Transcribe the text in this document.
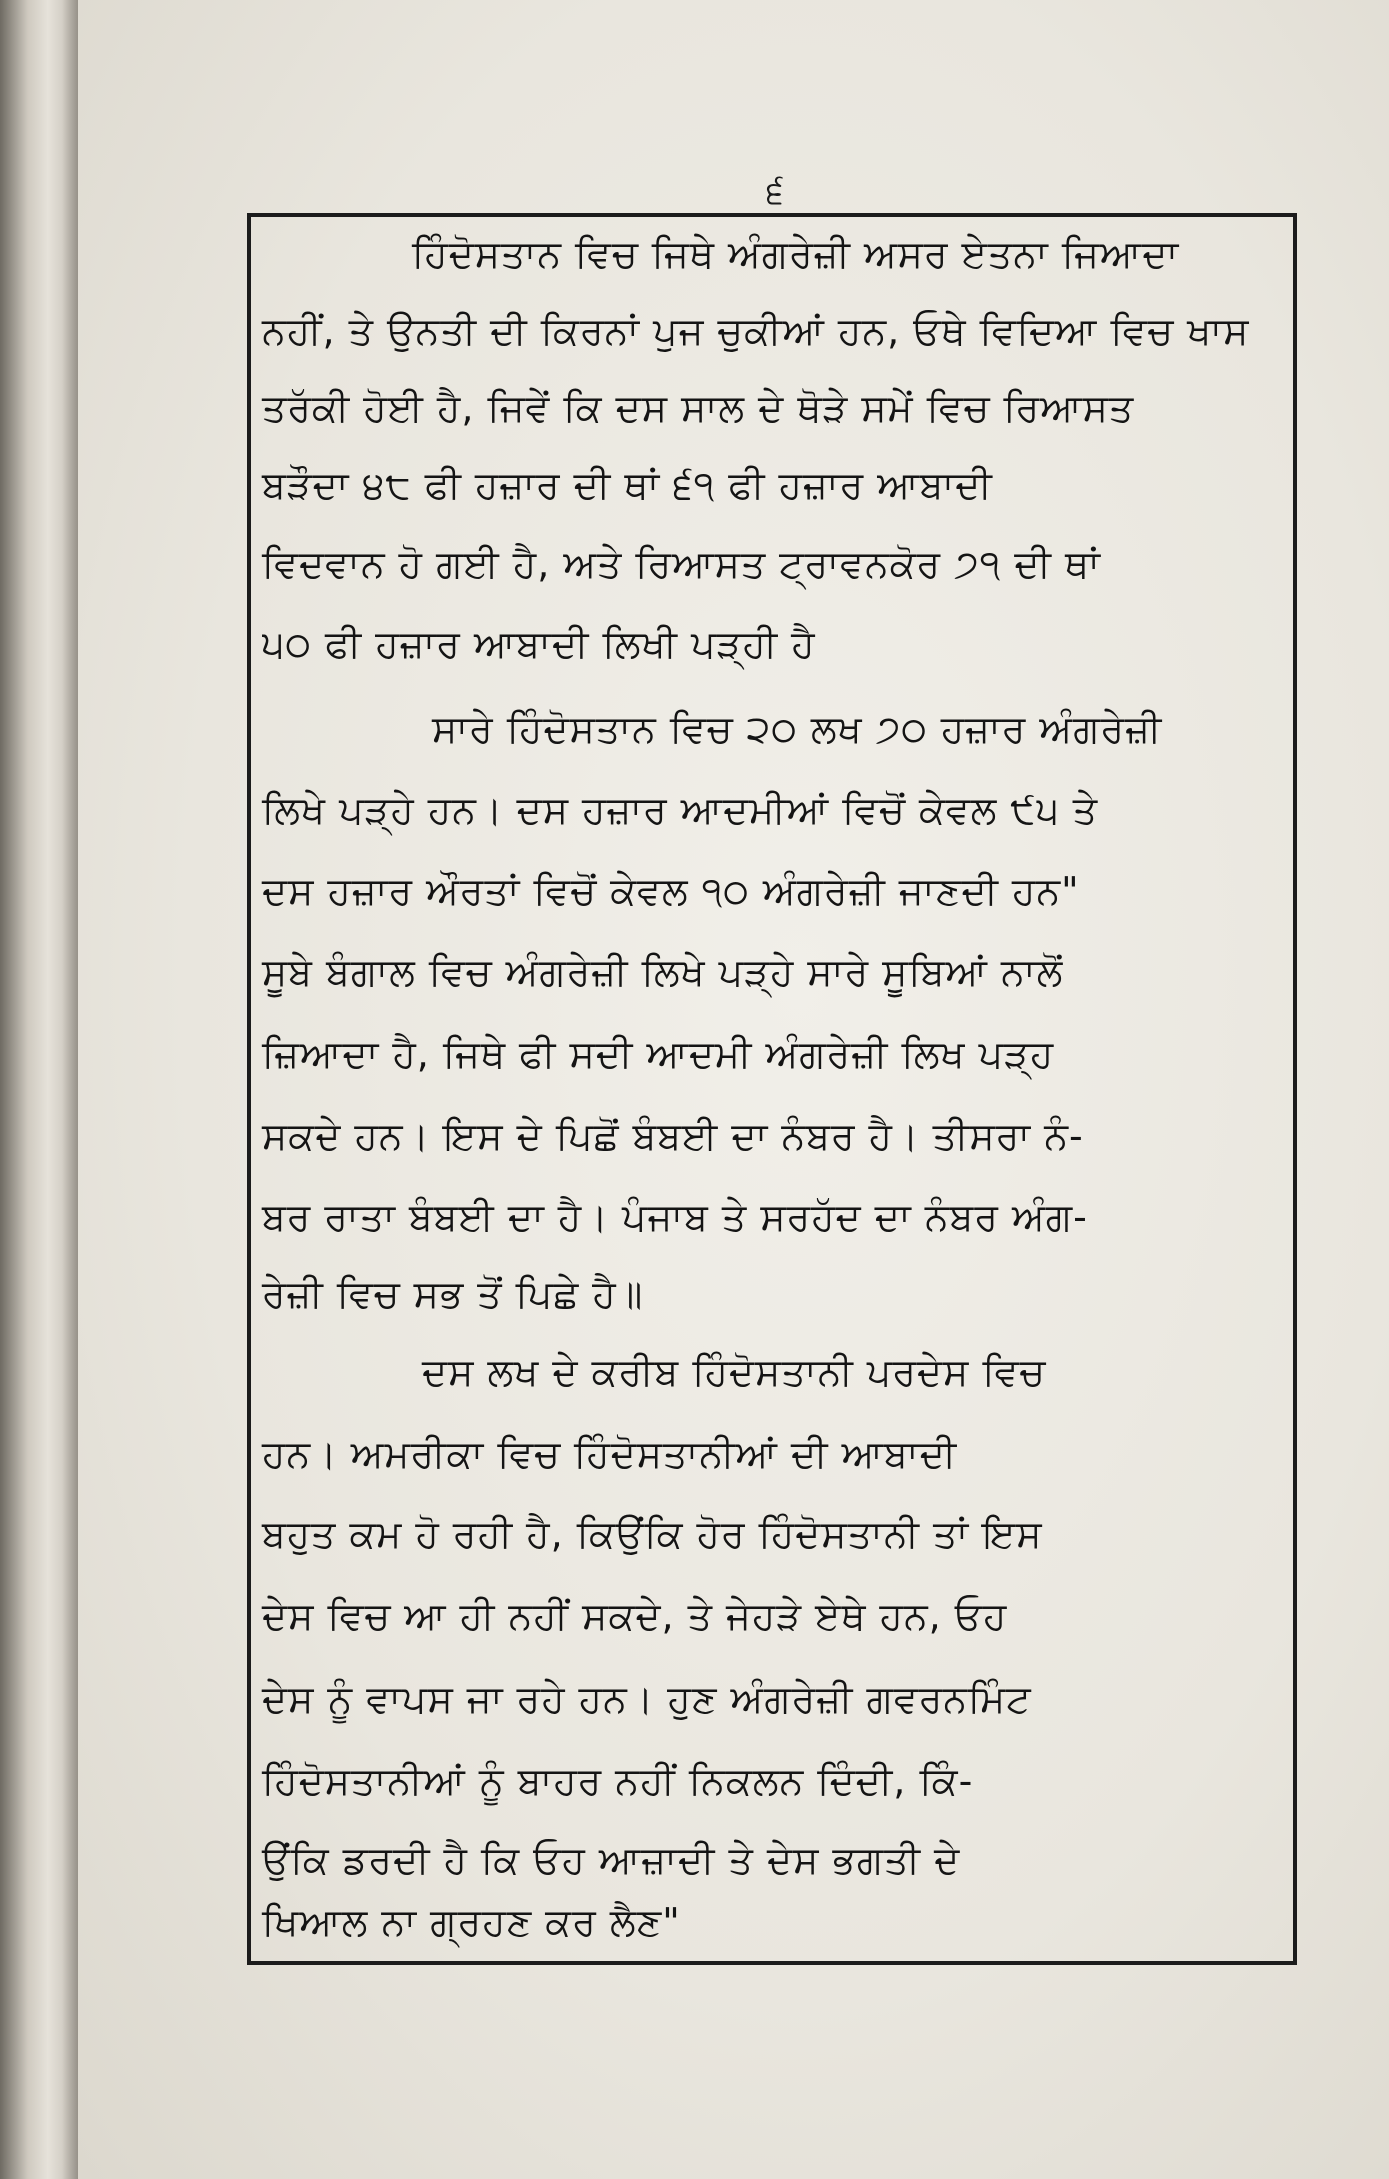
੬
ਹਿੰਦੋਸਤਾਨ ਵਿਚ ਜਿਥੇ ਅੰਗਰੇਜ਼ੀ ਅਸਰ ਏਤਨਾ ਜਿਆਦਾ
ਨਹੀਂ, ਤੇ ਉਨਤੀ ਦੀ ਕਿਰਨਾਂ ਪੁਜ ਚੁਕੀਆਂ ਹਨ, ਓਥੇ ਵਿਦਿਆ ਵਿਚ ਖਾਸ
ਤਰੱਕੀ ਹੋਈ ਹੈ, ਜਿਵੇਂ ਕਿ ਦਸ ਸਾਲ ਦੇ ਥੋੜੇ ਸਮੇਂ ਵਿਚ ਰਿਆਸਤ
ਬੜੌਦਾ ੪੮ ਫੀ ਹਜ਼ਾਰ ਦੀ ਥਾਂ ੬੧ ਫੀ ਹਜ਼ਾਰ ਆਬਾਦੀ
ਵਿਦਵਾਨ ਹੋ ਗਈ ਹੈ, ਅਤੇ ਰਿਆਸਤ ਟ੍ਰਾਵਨਕੋਰ ੭੧ ਦੀ ਥਾਂ
੫੦ ਫੀ ਹਜ਼ਾਰ ਆਬਾਦੀ ਲਿਖੀ ਪੜ੍ਹੀ ਹੈ
ਸਾਰੇ ਹਿੰਦੋਸਤਾਨ ਵਿਚ ੨੦ ਲਖ ੭੦ ਹਜ਼ਾਰ ਅੰਗਰੇਜ਼ੀ
ਲਿਖੇ ਪੜ੍ਹੇ ਹਨ। ਦਸ ਹਜ਼ਾਰ ਆਦਮੀਆਂ ਵਿਚੋਂ ਕੇਵਲ ੯੫ ਤੇ
ਦਸ ਹਜ਼ਾਰ ਔਰਤਾਂ ਵਿਚੋਂ ਕੇਵਲ ੧੦ ਅੰਗਰੇਜ਼ੀ ਜਾਣਦੀ ਹਨ"
ਸੂਬੇ ਬੰਗਾਲ ਵਿਚ ਅੰਗਰੇਜ਼ੀ ਲਿਖੇ ਪੜ੍ਹੇ ਸਾਰੇ ਸੂਬਿਆਂ ਨਾਲੋਂ
ਜ਼ਿਆਦਾ ਹੈ, ਜਿਥੇ ਫੀ ਸਦੀ ਆਦਮੀ ਅੰਗਰੇਜ਼ੀ ਲਿਖ ਪੜ੍ਹ
ਸਕਦੇ ਹਨ। ਇਸ ਦੇ ਪਿਛੋਂ ਬੰਬਈ ਦਾ ਨੰਬਰ ਹੈ। ਤੀਸਰਾ ਨੰ-
ਬਰ ਰਾਤਾ ਬੰਬਈ ਦਾ ਹੈ। ਪੰਜਾਬ ਤੇ ਸਰਹੱਦ ਦਾ ਨੰਬਰ ਅੰਗ-
ਰੇਜ਼ੀ ਵਿਚ ਸਭ ਤੋਂ ਪਿਛੇ ਹੈ॥
ਦਸ ਲਖ ਦੇ ਕਰੀਬ ਹਿੰਦੋਸਤਾਨੀ ਪਰਦੇਸ ਵਿਚ
ਹਨ। ਅਮਰੀਕਾ ਵਿਚ ਹਿੰਦੋਸਤਾਨੀਆਂ ਦੀ ਆਬਾਦੀ
ਬਹੁਤ ਕਮ ਹੋ ਰਹੀ ਹੈ, ਕਿਉਂਕਿ ਹੋਰ ਹਿੰਦੋਸਤਾਨੀ ਤਾਂ ਇਸ
ਦੇਸ ਵਿਚ ਆ ਹੀ ਨਹੀਂ ਸਕਦੇ, ਤੇ ਜੇਹੜੇ ਏਥੇ ਹਨ, ਓਹ
ਦੇਸ ਨੂੰ ਵਾਪਸ ਜਾ ਰਹੇ ਹਨ। ਹੁਣ ਅੰਗਰੇਜ਼ੀ ਗਵਰਨਮਿੰਟ
ਹਿੰਦੋਸਤਾਨੀਆਂ ਨੂੰ ਬਾਹਰ ਨਹੀਂ ਨਿਕਲਨ ਦਿੰਦੀ, ਕਿੰ-
ਉਂਕਿ ਡਰਦੀ ਹੈ ਕਿ ਓਹ ਆਜ਼ਾਦੀ ਤੇ ਦੇਸ ਭਗਤੀ ਦੇ
ਖਿਆਲ ਨਾ ਗ੍ਰਹਣ ਕਰ ਲੈਣ"
